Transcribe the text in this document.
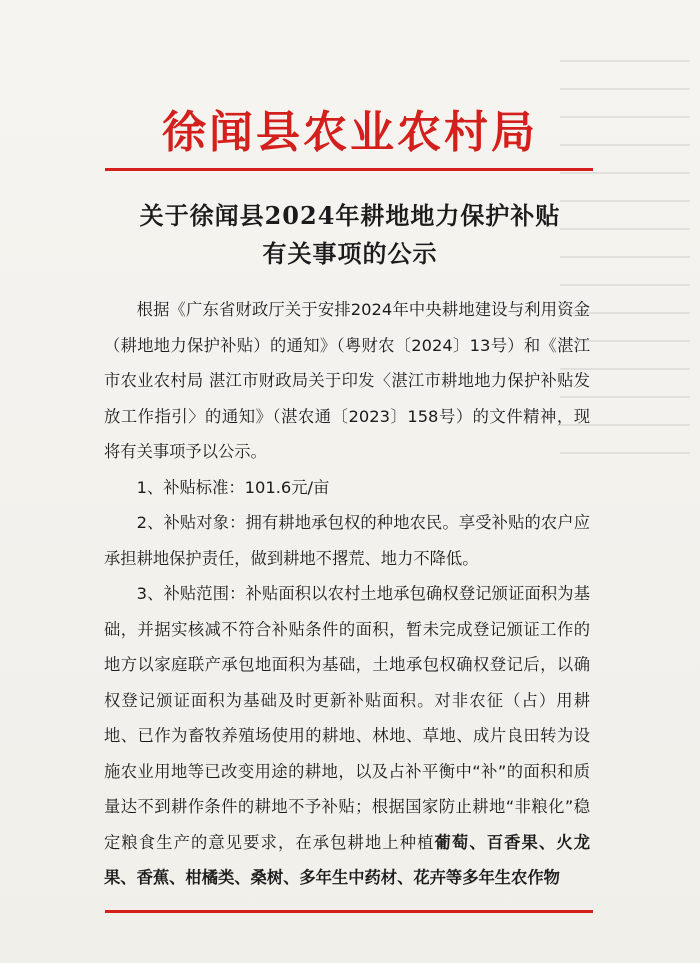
徐闻县农业农村局
关于徐闻县2024年耕地地力保护补贴
有关事项的公示

根据《广东省财政厅关于安排2024年中央耕地建设与利用资金（耕地地力保护补贴）的通知》（粤财农〔2024〕13号）和《湛江市农业农村局 湛江市财政局关于印发〈湛江市耕地地力保护补贴发放工作指引〉的通知》（湛农通〔2023〕158号）的文件精神，现将有关事项予以公示。

1、补贴标准：101.6元/亩

2、补贴对象：拥有耕地承包权的种地农民。享受补贴的农户应承担耕地保护责任，做到耕地不撂荒、地力不降低。

3、补贴范围：补贴面积以农村土地承包确权登记颁证面积为基础，并据实核减不符合补贴条件的面积，暂未完成登记颁证工作的地方以家庭联产承包地面积为基础，土地承包权确权登记后，以确权登记颁证面积为基础及时更新补贴面积。对非农征（占）用耕地、已作为畜牧养殖场使用的耕地、林地、草地、成片良田转为设施农业用地等已改变用途的耕地，以及占补平衡中“补”的面积和质量达不到耕作条件的耕地不予补贴；根据国家防止耕地“非粮化”稳定粮食生产的意见要求，在承包耕地上种植葡萄、百香果、火龙果、香蕉、柑橘类、桑树、多年生中药材、花卉等多年生农作物
